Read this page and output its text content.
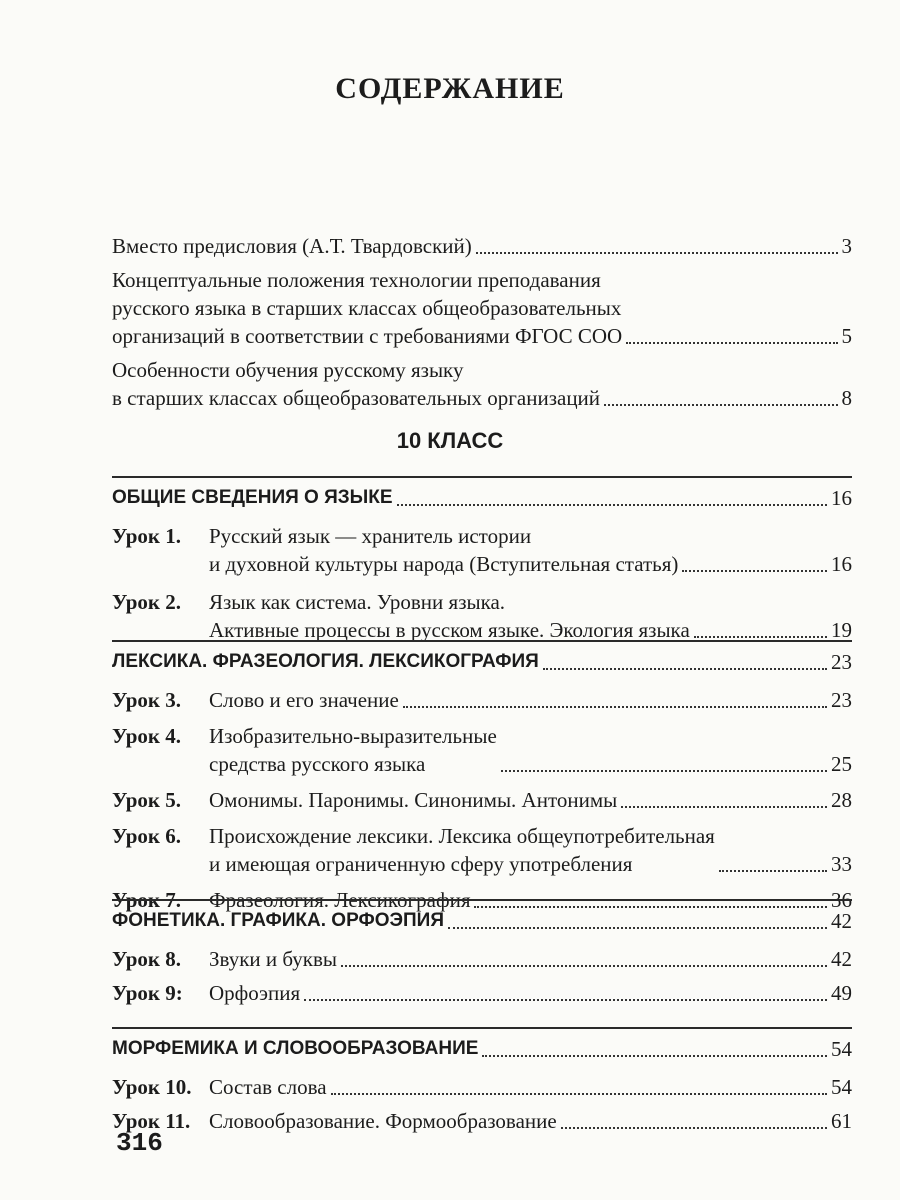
СОДЕРЖАНИЕ
Вместо предисловия (А.Т. Твардовский)	3
Концептуальные положения технологии преподавания
русского языка в старших классах общеобразовательных
организаций в соответствии с требованиями ФГОС СОО	5
Особенности обучения русскому языку
в старших классах общеобразовательных организаций	8
10 КЛАСС
ОБЩИЕ СВЕДЕНИЯ О ЯЗЫКЕ	16
Урок 1.	Русский язык — хранитель истории
и духовной культуры народа (Вступительная статья)	16
Урок 2.	Язык как система. Уровни языка.
Активные процессы в русском языке. Экология языка	19
ЛЕКСИКА. ФРАЗЕОЛОГИЯ. ЛЕКСИКОГРАФИЯ	23
Урок 3.	Слово и его значение	23
Урок 4.	Изобразительно-выразительные
средства русского языка	25
Урок 5.	Омонимы. Паронимы. Синонимы. Антонимы	28
Урок 6.	Происхождение лексики. Лексика общеупотребительная
и имеющая ограниченную сферу употребления	33
Урок 7.	Фразеология. Лексикография	36
ФОНЕТИКА. ГРАФИКА. ОРФОЭПИЯ	42
Урок 8.	Звуки и буквы	42
Урок 9:	Орфоэпия	49
МОРФЕМИКА И СЛОВООБРАЗОВАНИЕ	54
Урок 10. Состав слова	54
Урок 11. Словообразование. Формообразование	61
316
